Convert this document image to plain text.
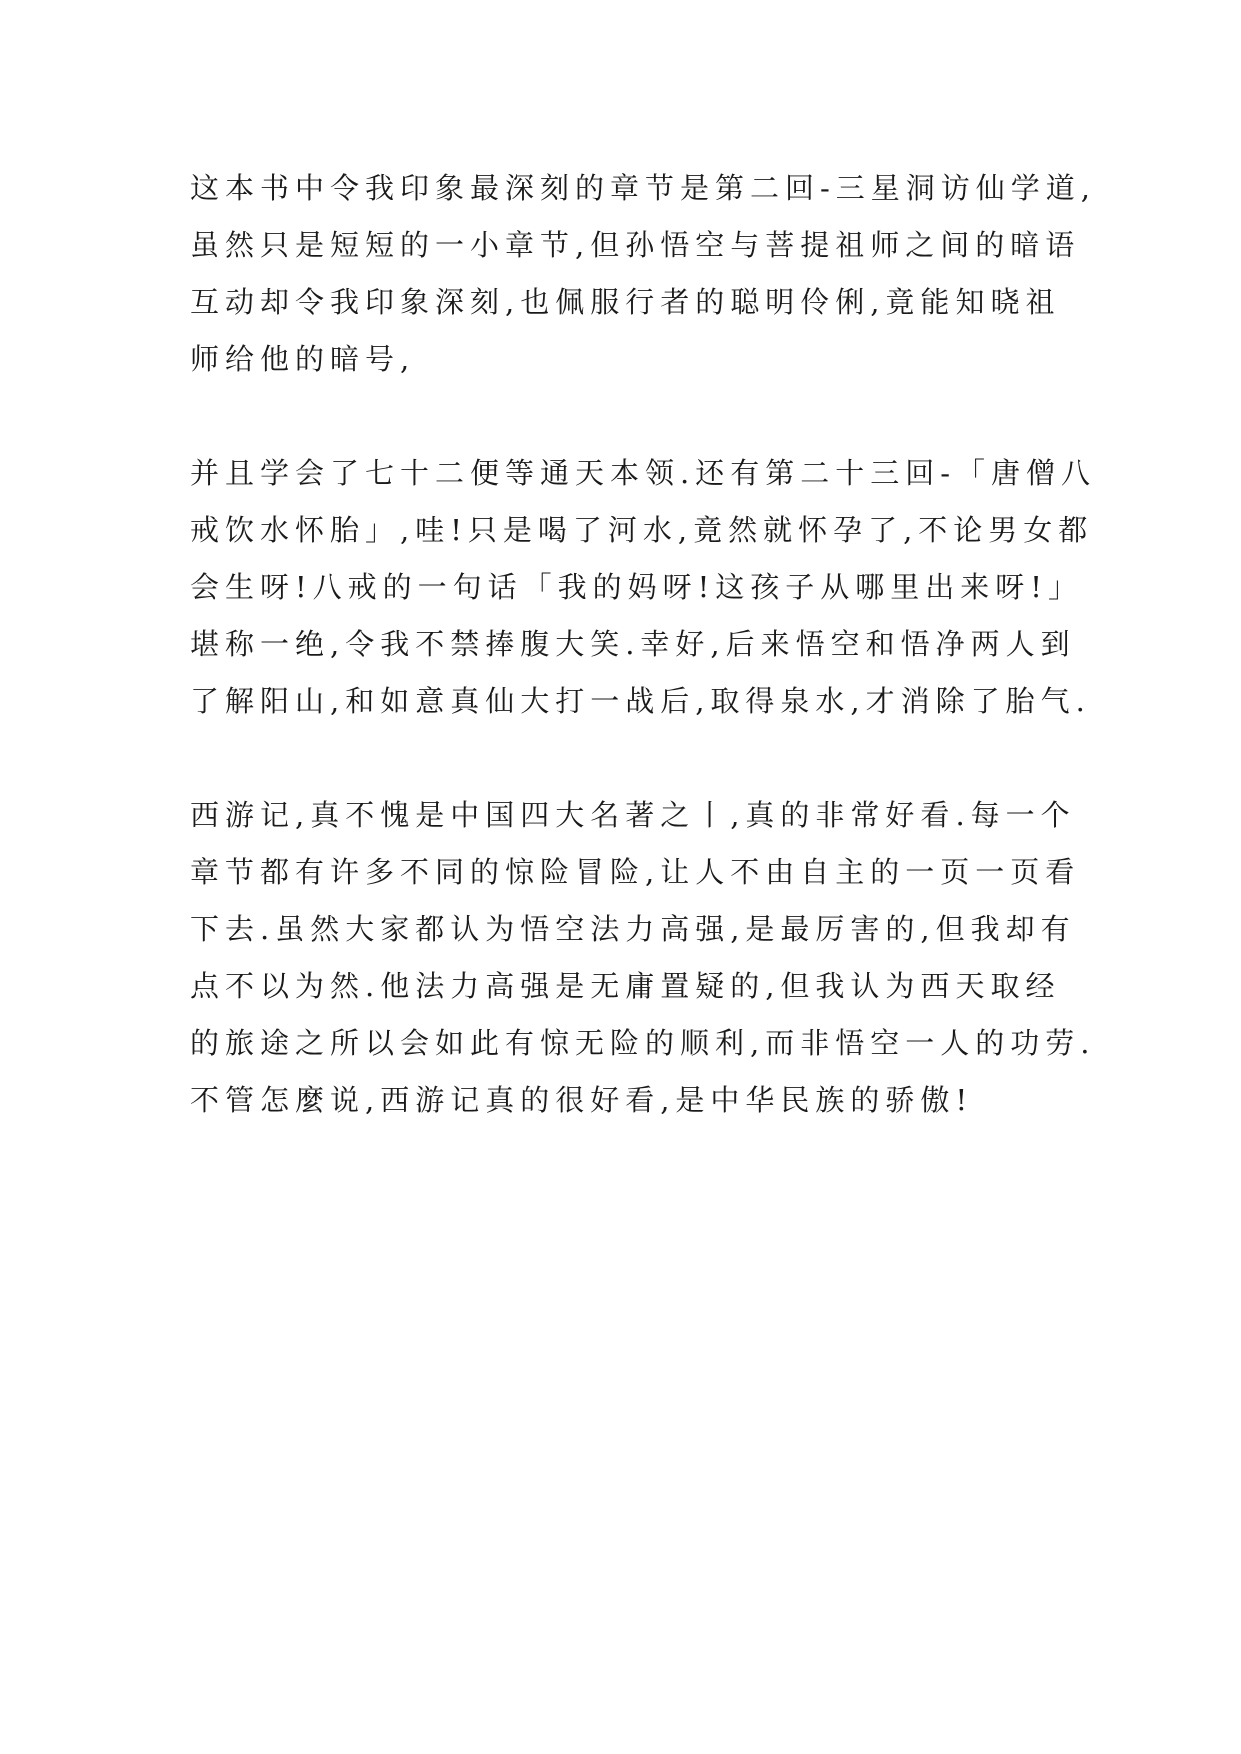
这本书中令我印象最深刻的章节是第二回-三星洞访仙学道,
虽然只是短短的一小章节,但孙悟空与菩提祖师之间的暗语
互动却令我印象深刻,也佩服行者的聪明伶俐,竟能知晓祖
师给他的暗号,

并且学会了七十二便等通天本领.还有第二十三回-「唐僧八
戒饮水怀胎」,哇!只是喝了河水,竟然就怀孕了,不论男女都
会生呀!八戒的一句话「我的妈呀!这孩子从哪里出来呀!」
堪称一绝,令我不禁捧腹大笑.幸好,后来悟空和悟净两人到
了解阳山,和如意真仙大打一战后,取得泉水,才消除了胎气.

西游记,真不愧是中国四大名著之丨,真的非常好看.每一个
章节都有许多不同的惊险冒险,让人不由自主的一页一页看
下去.虽然大家都认为悟空法力高强,是最厉害的,但我却有
点不以为然.他法力高强是无庸置疑的,但我认为西天取经
的旅途之所以会如此有惊无险的顺利,而非悟空一人的功劳.
不管怎麼说,西游记真的很好看,是中华民族的骄傲!
